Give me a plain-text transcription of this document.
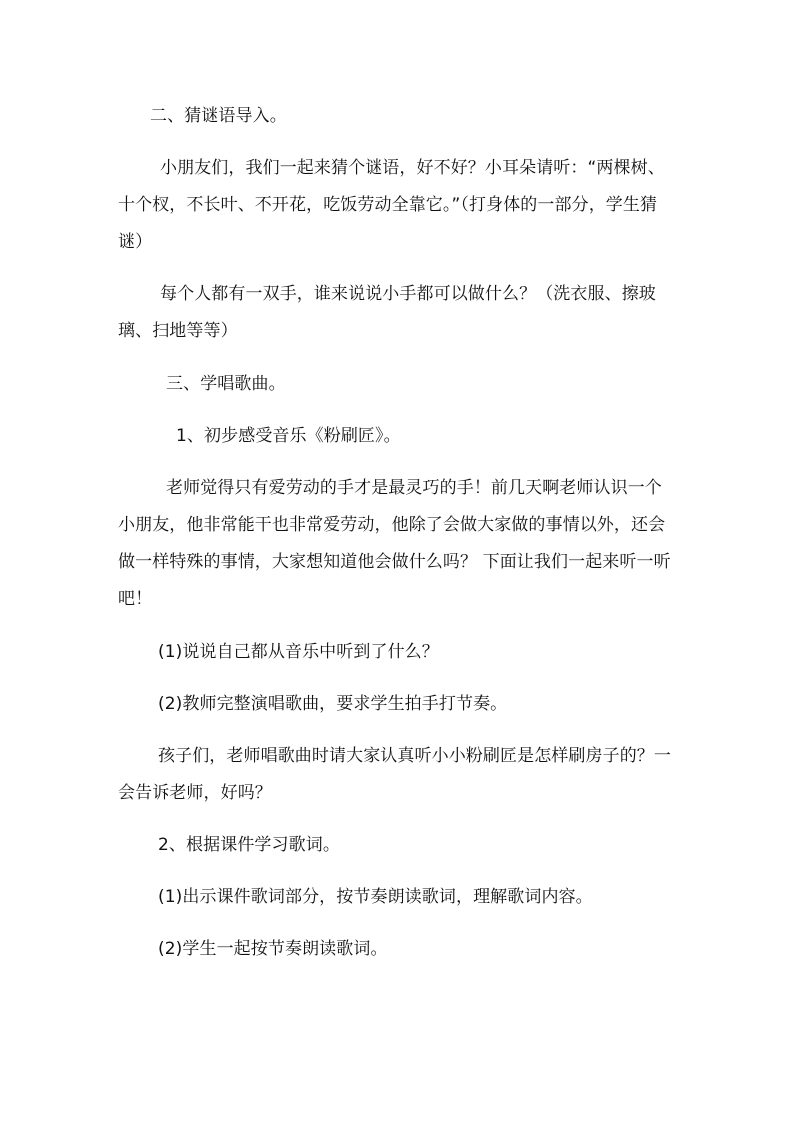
二、猜谜语导入。

小朋友们，我们一起来猜个谜语，好不好？小耳朵请听：“两棵树、十个杈，不长叶、不开花，吃饭劳动全靠它。”（打身体的一部分，学生猜谜）

每个人都有一双手，谁来说说小手都可以做什么？（洗衣服、擦玻璃、扫地等等）

三、学唱歌曲。

1、初步感受音乐《粉刷匠》。

老师觉得只有爱劳动的手才是最灵巧的手！前几天啊老师认识一个小朋友，他非常能干也非常爱劳动，他除了会做大家做的事情以外，还会做一样特殊的事情，大家想知道他会做什么吗？ 下面让我们一起来听一听吧！

(1)说说自己都从音乐中听到了什么？

(2)教师完整演唱歌曲，要求学生拍手打节奏。

孩子们，老师唱歌曲时请大家认真听小小粉刷匠是怎样刷房子的？一会告诉老师，好吗？

2、根据课件学习歌词。

(1)出示课件歌词部分，按节奏朗读歌词，理解歌词内容。

(2)学生一起按节奏朗读歌词。
